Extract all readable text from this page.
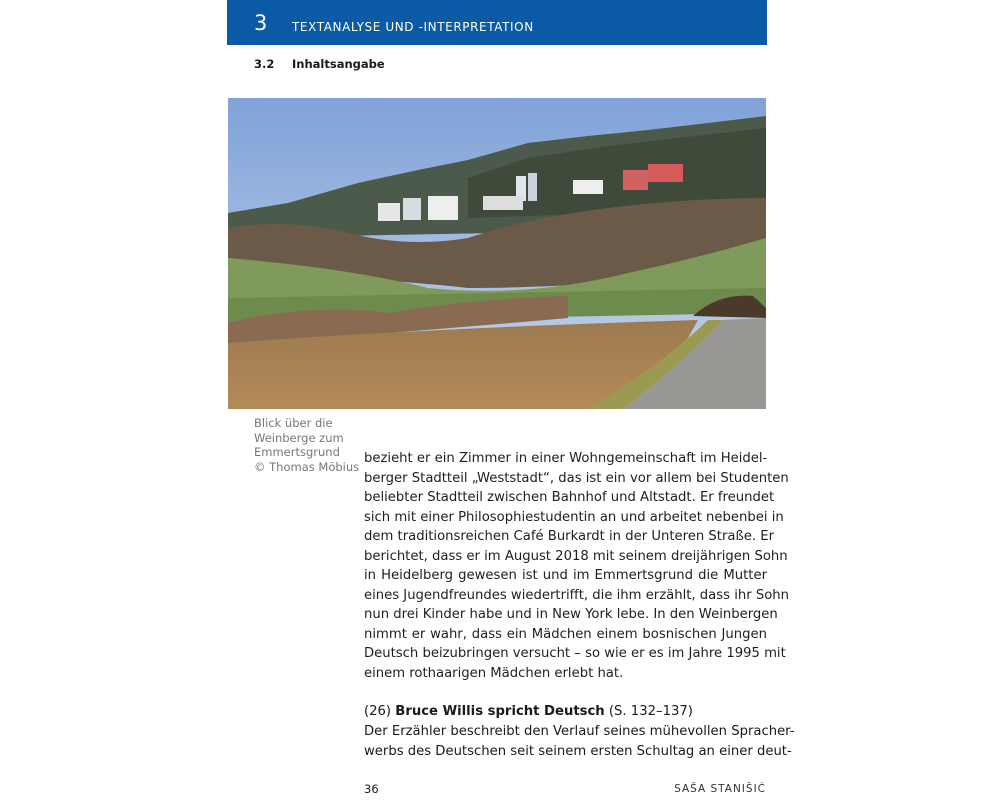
3 TEXTANALYSE UND -INTERPRETATION
3.2 Inhaltsangabe
Blick über die
Weinberge zum
Emmertsgrund
© Thomas Möbius
bezieht er ein Zimmer in einer Wohngemeinschaft im Heidel-
berger Stadtteil „Weststadt“, das ist ein vor allem bei Studenten
beliebter Stadtteil zwischen Bahnhof und Altstadt. Er freundet
sich mit einer Philosophiestudentin an und arbeitet nebenbei in
dem traditionsreichen Café Burkardt in der Unteren Straße. Er
berichtet, dass er im August 2018 mit seinem dreijährigen Sohn
in Heidelberg gewesen ist und im Emmertsgrund die Mutter
eines Jugendfreundes wiedertrifft, die ihm erzählt, dass ihr Sohn
nun drei Kinder habe und in New York lebe. In den Weinbergen
nimmt er wahr, dass ein Mädchen einem bosnischen Jungen
Deutsch beizubringen versucht – so wie er es im Jahre 1995 mit
einem rothaarigen Mädchen erlebt hat.
(26) Bruce Willis spricht Deutsch (S. 132–137)
Der Erzähler beschreibt den Verlauf seines mühevollen Spracher-
werbs des Deutschen seit seinem ersten Schultag an einer deut-
36	SAŠA STANIŠIĆ
